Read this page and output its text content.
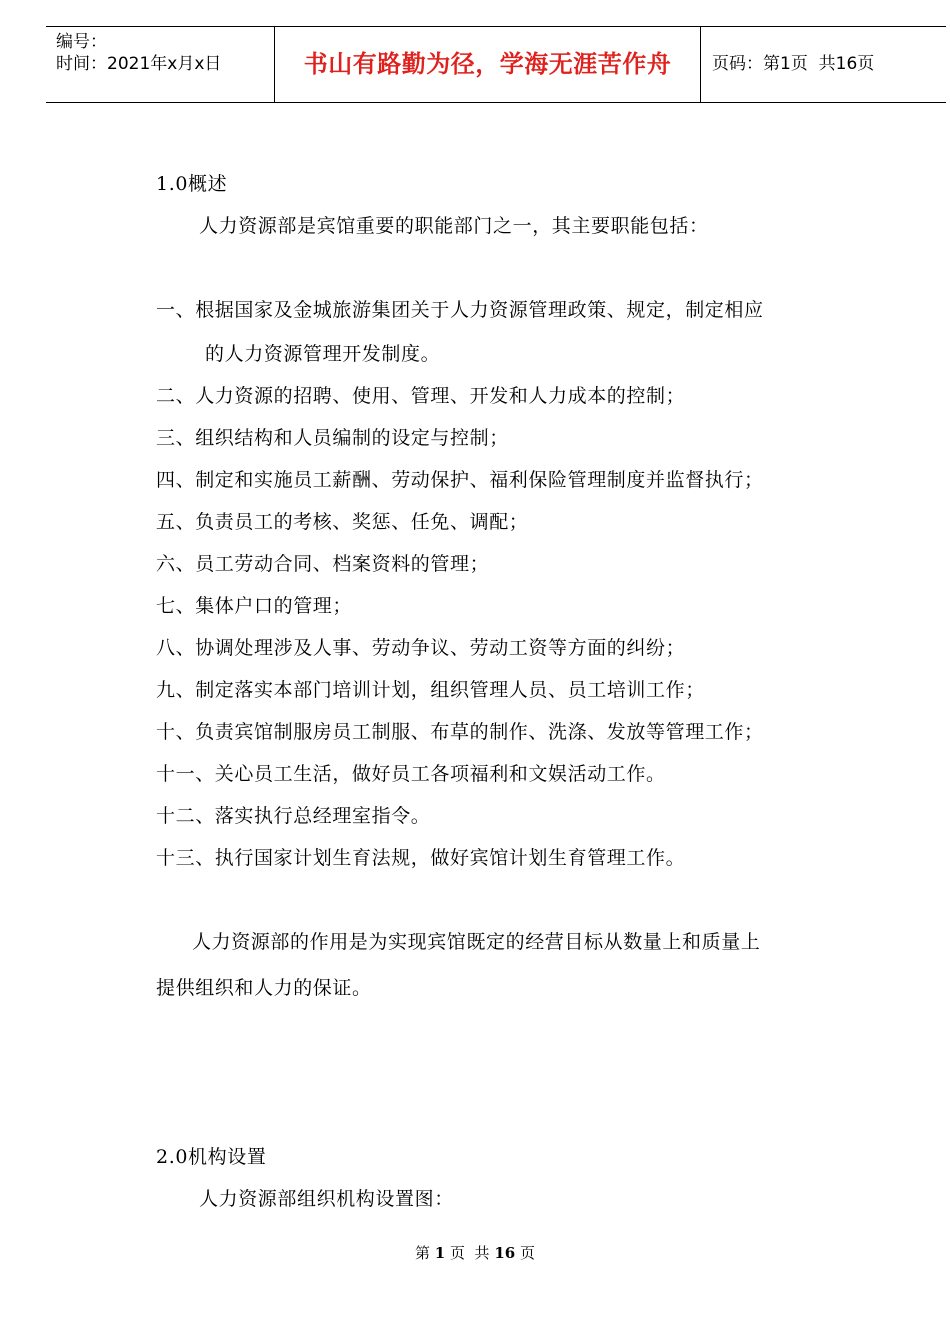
编号：
时间：2021年x月x日	书山有路勤为径，学海无涯苦作舟	页码：第1页  共16页
1.0概述
人力资源部是宾馆重要的职能部门之一，其主要职能包括：
一、根据国家及金城旅游集团关于人力资源管理政策、规定，制定相应
的人力资源管理开发制度。
二、人力资源的招聘、使用、管理、开发和人力成本的控制；
三、组织结构和人员编制的设定与控制；
四、制定和实施员工薪酬、劳动保护、福利保险管理制度并监督执行；
五、负责员工的考核、奖惩、任免、调配；
六、员工劳动合同、档案资料的管理；
七、集体户口的管理；
八、协调处理涉及人事、劳动争议、劳动工资等方面的纠纷；
九、制定落实本部门培训计划，组织管理人员、员工培训工作；
十、负责宾馆制服房员工制服、布草的制作、洗涤、发放等管理工作；
十一、关心员工生活，做好员工各项福利和文娱活动工作。
十二、落实执行总经理室指令。
十三、执行国家计划生育法规，做好宾馆计划生育管理工作。
人力资源部的作用是为实现宾馆既定的经营目标从数量上和质量上
提供组织和人力的保证。
2.0机构设置
人力资源部组织机构设置图：
第 1 页  共 16 页
